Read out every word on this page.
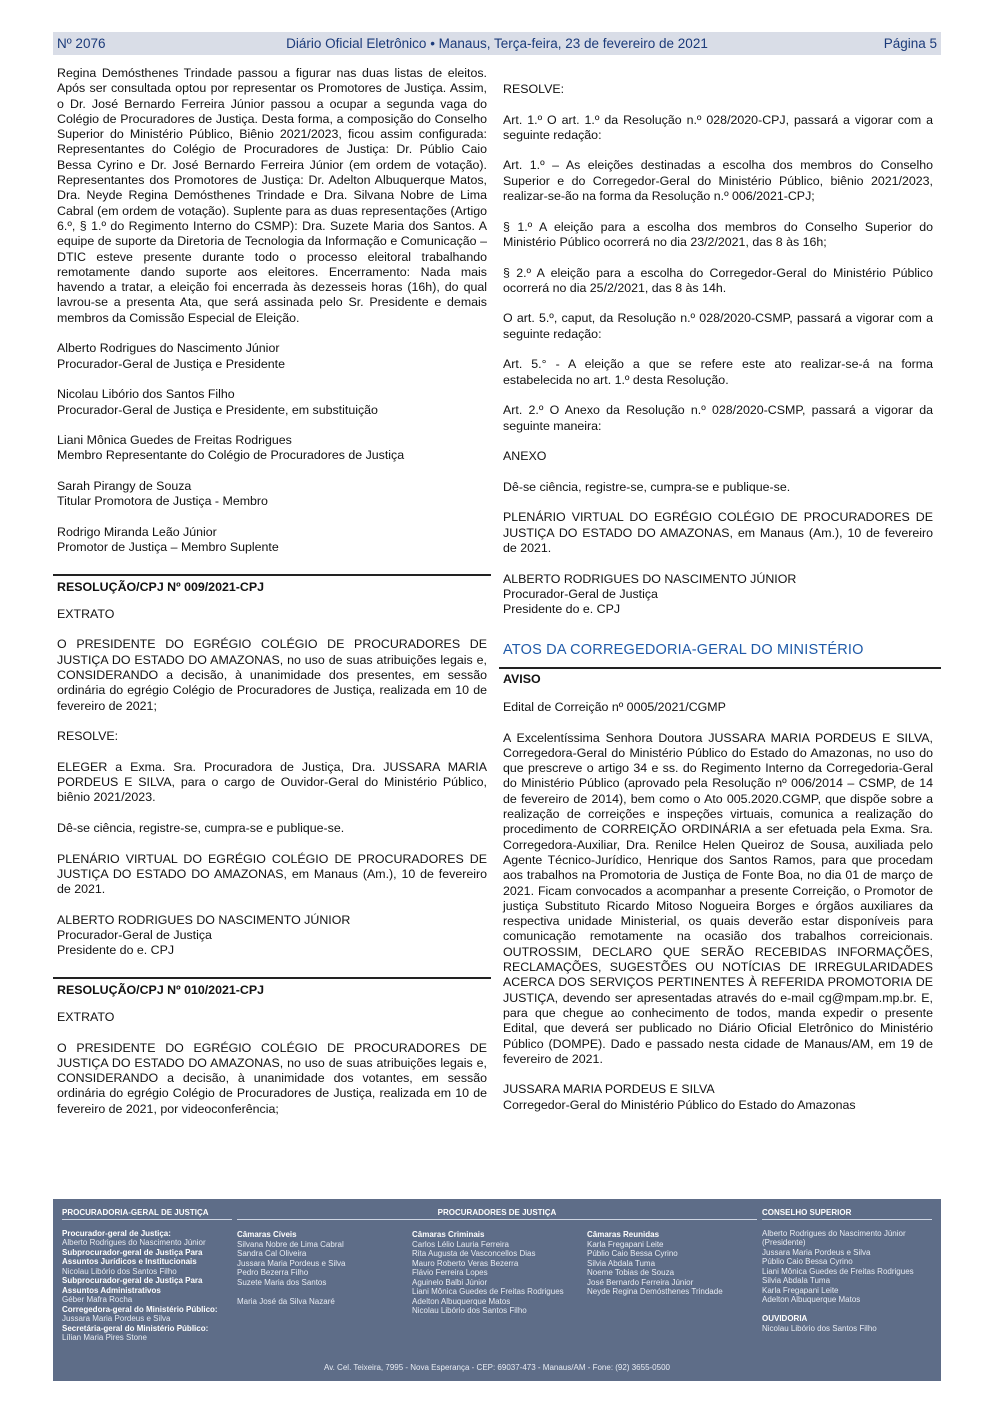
Nº 2076	Diário Oficial Eletrônico • Manaus, Terça-feira, 23 de fevereiro de 2021	Página 5

Regina Demósthenes Trindade passou a figurar nas duas listas de eleitos. Após ser consultada optou por representar os Promotores de Justiça. Assim, o Dr. José Bernardo Ferreira Júnior passou a ocupar a segunda vaga do Colégio de Procuradores de Justiça. Desta forma, a composição do Conselho Superior do Ministério Público, Biênio 2021/2023, ficou assim configurada: Representantes do Colégio de Procuradores de Justiça: Dr. Públio Caio Bessa Cyrino e Dr. José Bernardo Ferreira Júnior (em ordem de votação). Representantes dos Promotores de Justiça: Dr. Adelton Albuquerque Matos, Dra. Neyde Regina Demósthenes Trindade e Dra. Silvana Nobre de Lima Cabral (em ordem de votação). Suplente para as duas representações (Artigo 6.º, § 1.º do Regimento Interno do CSMP): Dra. Suzete Maria dos Santos. A equipe de suporte da Diretoria de Tecnologia da Informação e Comunicação – DTIC esteve presente durante todo o processo eleitoral trabalhando remotamente dando suporte aos eleitores. Encerramento: Nada mais havendo a tratar, a eleição foi encerrada às dezesseis horas (16h), do qual lavrou-se a presenta Ata, que será assinada pelo Sr. Presidente e demais membros da Comissão Especial de Eleição.

Alberto Rodrigues do Nascimento Júnior
Procurador-Geral de Justiça e Presidente
Nicolau Libório dos Santos Filho
Procurador-Geral de Justiça e Presidente, em substituição
Liani Mônica Guedes de Freitas Rodrigues
Membro Representante do Colégio de Procuradores de Justiça
Sarah Pirangy de Souza
Titular Promotora de Justiça - Membro
Rodrigo Miranda Leão Júnior
Promotor de Justiça – Membro Suplente
RESOLUÇÃO/CPJ Nº 009/2021-CPJ

EXTRATO

O PRESIDENTE DO EGRÉGIO COLÉGIO DE PROCURADORES DE JUSTIÇA DO ESTADO DO AMAZONAS, no uso de suas atribuições legais e, CONSIDERANDO a decisão, à unanimidade dos presentes, em sessão ordinária do egrégio Colégio de Procuradores de Justiça, realizada em 10 de fevereiro de 2021;

RESOLVE:

ELEGER a Exma. Sra. Procuradora de Justiça, Dra. JUSSARA MARIA PORDEUS E SILVA, para o cargo de Ouvidor-Geral do Ministério Público, biênio 2021/2023.

Dê-se ciência, registre-se, cumpra-se e publique-se.

PLENÁRIO VIRTUAL DO EGRÉGIO COLÉGIO DE PROCURADORES DE JUSTIÇA DO ESTADO DO AMAZONAS, em Manaus (Am.), 10 de fevereiro de 2021.

ALBERTO RODRIGUES DO NASCIMENTO JÚNIOR
Procurador-Geral de Justiça
Presidente do e. CPJ
RESOLUÇÃO/CPJ Nº 010/2021-CPJ

EXTRATO

O PRESIDENTE DO EGRÉGIO COLÉGIO DE PROCURADORES DE JUSTIÇA DO ESTADO DO AMAZONAS, no uso de suas atribuições legais e, CONSIDERANDO a decisão, à unanimidade dos votantes, em sessão ordinária do egrégio Colégio de Procuradores de Justiça, realizada em 10 de fevereiro de 2021, por videoconferência;

RESOLVE:

Art. 1.º O art. 1.º da Resolução n.º 028/2020-CPJ, passará a vigorar com a seguinte redação:

Art. 1.º – As eleições destinadas a escolha dos membros do Conselho Superior e do Corregedor-Geral do Ministério Público, biênio 2021/2023, realizar-se-ão na forma da Resolução n.º 006/2021-CPJ;

§ 1.º A eleição para a escolha dos membros do Conselho Superior do Ministério Público ocorrerá no dia 23/2/2021, das 8 às 16h;

§ 2.º A eleição para a escolha do Corregedor-Geral do Ministério Público ocorrerá no dia 25/2/2021, das 8 às 14h.

O art. 5.º, caput, da Resolução n.º 028/2020-CSMP, passará a vigorar com a seguinte redação:

Art. 5.° - A eleição a que se refere este ato realizar-se-á na forma estabelecida no art. 1.º desta Resolução.

Art. 2.º O Anexo da Resolução n.º 028/2020-CSMP, passará a vigorar da seguinte maneira:

ANEXO

Dê-se ciência, registre-se, cumpra-se e publique-se.

PLENÁRIO VIRTUAL DO EGRÉGIO COLÉGIO DE PROCURADORES DE JUSTIÇA DO ESTADO DO AMAZONAS, em Manaus (Am.), 10 de fevereiro de 2021.

ALBERTO RODRIGUES DO NASCIMENTO JÚNIOR
Procurador-Geral de Justiça
Presidente do e. CPJ
ATOS DA CORREGEDORIA-GERAL DO MINISTÉRIO
AVISO

Edital de Correição nº 0005/2021/CGMP

A Excelentíssima Senhora Doutora JUSSARA MARIA PORDEUS E SILVA, Corregedora-Geral do Ministério Público do Estado do Amazonas, no uso do que prescreve o artigo 34 e ss. do Regimento Interno da Corregedoria-Geral do Ministério Público (aprovado pela Resolução nº 006/2014 – CSMP, de 14 de fevereiro de 2014), bem como o Ato 005.2020.CGMP, que dispõe sobre a realização de correições e inspeções virtuais, comunica a realização do procedimento de CORREIÇÃO ORDINÁRIA a ser efetuada pela Exma. Sra. Corregedora-Auxiliar, Dra. Renilce Helen Queiroz de Sousa, auxiliada pelo Agente Técnico-Jurídico, Henrique dos Santos Ramos, para que procedam aos trabalhos na Promotoria de Justiça de Fonte Boa, no dia 01 de março de 2021. Ficam convocados a acompanhar a presente Correição, o Promotor de justiça Substituto Ricardo Mitoso Nogueira Borges e órgãos auxiliares da respectiva unidade Ministerial, os quais deverão estar disponíveis para comunicação remotamente na ocasião dos trabalhos correicionais. OUTROSSIM, DECLARO QUE SERÃO RECEBIDAS INFORMAÇÕES, RECLAMAÇÕES, SUGESTÕES OU NOTÍCIAS DE IRREGULARIDADES ACERCA DOS SERVIÇOS PERTINENTES À REFERIDA PROMOTORIA DE JUSTIÇA, devendo ser apresentadas através do e-mail cg@mpam.mp.br. E, para que chegue ao conhecimento de todos, manda expedir o presente Edital, que deverá ser publicado no Diário Oficial Eletrônico do Ministério Público (DOMPE). Dado e passado nesta cidade de Manaus/AM, em 19 de fevereiro de 2021.

JUSSARA MARIA PORDEUS E SILVA
Corregedor-Geral do Ministério Público do Estado do Amazonas
PROCURADORIA-GERAL DE JUSTIÇA
Procurador-geral de Justiça:
Alberto Rodrigues do Nascimento Júnior
Subprocurador-geral de Justiça Para Assuntos Jurídicos e Institucionais
Nicolau Libório dos Santos Filho
Subprocurador-geral de Justiça Para Assuntos Administrativos
Géber Mafra Rocha
Corregedora-geral do Ministério Público:
Jussara Maria Pordeus e Silva
Secretária-geral do Ministério Público:
Lílian Maria Pires Stone
PROCURADORES DE JUSTIÇA
Câmaras Cíveis
Silvana Nobre de Lima Cabral
Sandra Cal Oliveira
Jussara Maria Pordeus e Silva
Pedro Bezerra Filho
Suzete Maria dos Santos
Maria José da Silva Nazaré
Câmaras Criminais
Carlos Lélio Lauria Ferreira
Rita Augusta de Vasconcellos Dias
Mauro Roberto Veras Bezerra
Flávio Ferreira Lopes
Aguinelo Balbi Júnior
Liani Mônica Guedes de Freitas Rodrigues
Adelton Albuquerque Matos
Nicolau Libório dos Santos Filho
Câmaras Reunidas
Karla Fregapani Leite
Públio Caio Bessa Cyrino
Silvia Abdala Tuma
Noeme Tobias de Souza
José Bernardo Ferreira Júnior
Neyde Regina Demósthenes Trindade
CONSELHO SUPERIOR
Alberto Rodrigues do Nascimento Júnior
(Presidente)
Jussara Maria Pordeus e Silva
Públio Caio Bessa Cyrino
Liani Mônica Guedes de Freitas Rodrigues
Silvia Abdala Tuma
Karla Fregapani Leite
Adelton Albuquerque Matos
OUVIDORIA
Nicolau Libório dos Santos Filho
Av. Cel. Teixeira, 7995 - Nova Esperança - CEP: 69037-473 - Manaus/AM - Fone: (92) 3655-0500
